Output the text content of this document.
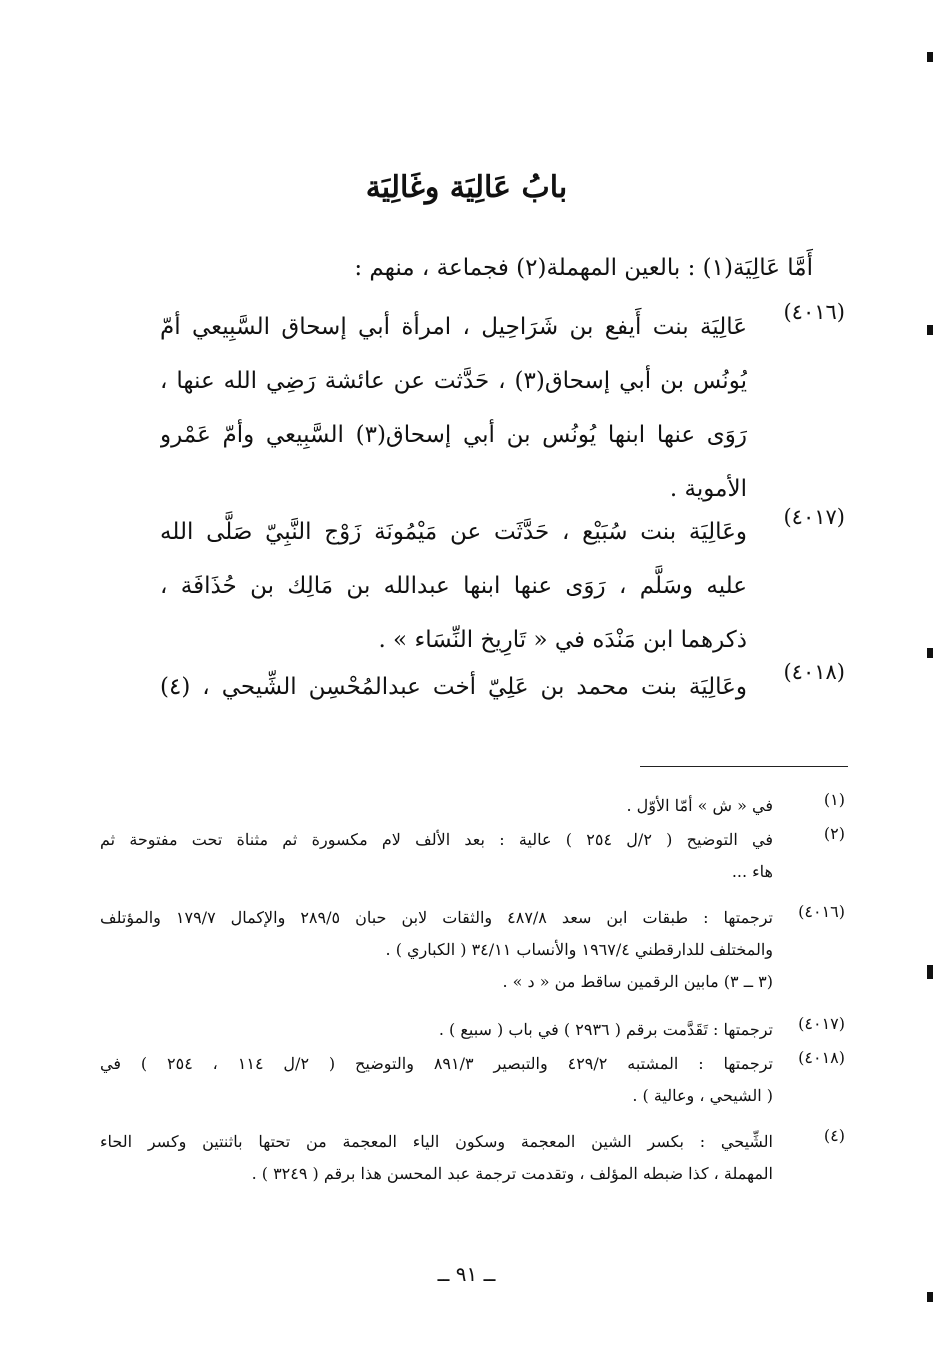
بابُ عَالِيَة وغَالِيَة
أَمَّا عَالِيَة(١) : بالعين المهملة(٢) فجماعة ، منهم :
(٤٠١٦)
عَالِيَة بنت أَيفع بن شَرَاحِيل ، امرأة أبي إسحاق السَّبِيعي أمّ
يُونُس بن أبي إسحاق(٣) ، حَدَّثت عن عائشة رَضِي الله عنها ،
رَوَى عنها ابنها يُونُس بن أبي إسحاق(٣) السَّبِيعي وأمّ عَمْرو
الأموية .
(٤٠١٧)
وعَالِيَة بنت سُبَيْع ، حَدَّثَت عن مَيْمُونَة زَوْج النَّبِيّ صَلَّى الله
عليه وسَلَّم ، رَوَى عنها ابنها عبدالله بن مَالِك بن حُذَافَة ،
ذكرهما ابن مَنْدَه في « تَارِيخ النِّسَاء » .
(٤٠١٨)
وعَالِيَة بنت محمد بن عَلِيّ أخت عبدالمُحْسِن الشِّيحي ، (٤)
(١)
في « ش » أمّا الأوّل .
(٢)
في التوضيح ( ٢/ل ٢٥٤ ) عالية : بعد الألف لام مكسورة ثم مثناة تحت مفتوحة ثم
هاء ...
(٤٠١٦)
ترجمتها : طبقات ابن سعد ٤٨٧/٨ والثقات لابن حبان ٢٨٩/٥ والإكمال ١٧٩/٧ والمؤتلف
والمختلف للدارقطني ١٩٦٧/٤ والأنساب ٣٤/١١ ( الكباري ) .
(٣ ــ ٣) مابين الرقمين ساقط من « د » .
(٤٠١٧)
ترجمتها : تَقَدَّمت برقم ( ٢٩٣٦ ) في باب ( سبيع ) .
(٤٠١٨)
ترجمتها : المشتبه ٤٢٩/٢ والتبصير ٨٩١/٣ والتوضيح ( ٢/ل ١١٤ ، ٢٥٤ ) في
( الشيحي ، وعالية ) .
(٤)
الشِّيحي : بكسر الشين المعجمة وسكون الياء المعجمة من تحتها باثنتين وكسر الحاء
المهملة ، كذا ضبطه المؤلف ، وتقدمت ترجمة عبد المحسن هذا برقم ( ٣٢٤٩ ) .
ــ ٩١ ــ
